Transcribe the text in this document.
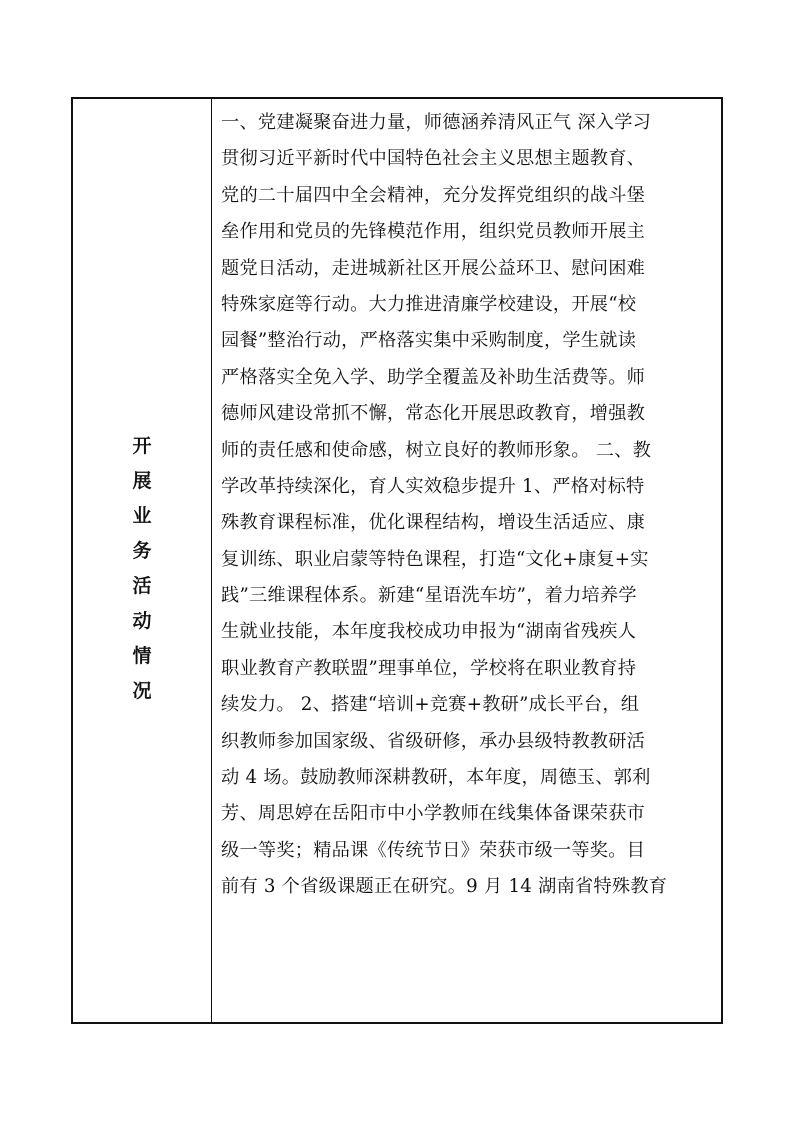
开
展
业
务
活
动
情
况
一、党建凝聚奋进力量，师德涵养清风正气 深入学习
贯彻习近平新时代中国特色社会主义思想主题教育、
党的二十届四中全会精神，充分发挥党组织的战斗堡
垒作用和党员的先锋模范作用，组织党员教师开展主
题党日活动，走进城新社区开展公益环卫、慰问困难
特殊家庭等行动。大力推进清廉学校建设，开展“校
园餐”整治行动，严格落实集中采购制度，学生就读
严格落实全免入学、助学全覆盖及补助生活费等。师
德师风建设常抓不懈，常态化开展思政教育，增强教
师的责任感和使命感，树立良好的教师形象。 二、教
学改革持续深化，育人实效稳步提升 1、严格对标特
殊教育课程标准，优化课程结构，增设生活适应、康
复训练、职业启蒙等特色课程，打造“文化+康复+实
践”三维课程体系。新建“星语洗车坊”，着力培养学
生就业技能，本年度我校成功申报为“湖南省残疾人
职业教育产教联盟”理事单位，学校将在职业教育持
续发力。 2、搭建“培训+竞赛+教研”成长平台，组
织教师参加国家级、省级研修，承办县级特教教研活
动 4 场。鼓励教师深耕教研，本年度，周德玉、郭利
芳、周思婷在岳阳市中小学教师在线集体备课荣获市
级一等奖；精品课《传统节日》荣获市级一等奖。目
前有 3 个省级课题正在研究。9 月 14 湖南省特殊教育
